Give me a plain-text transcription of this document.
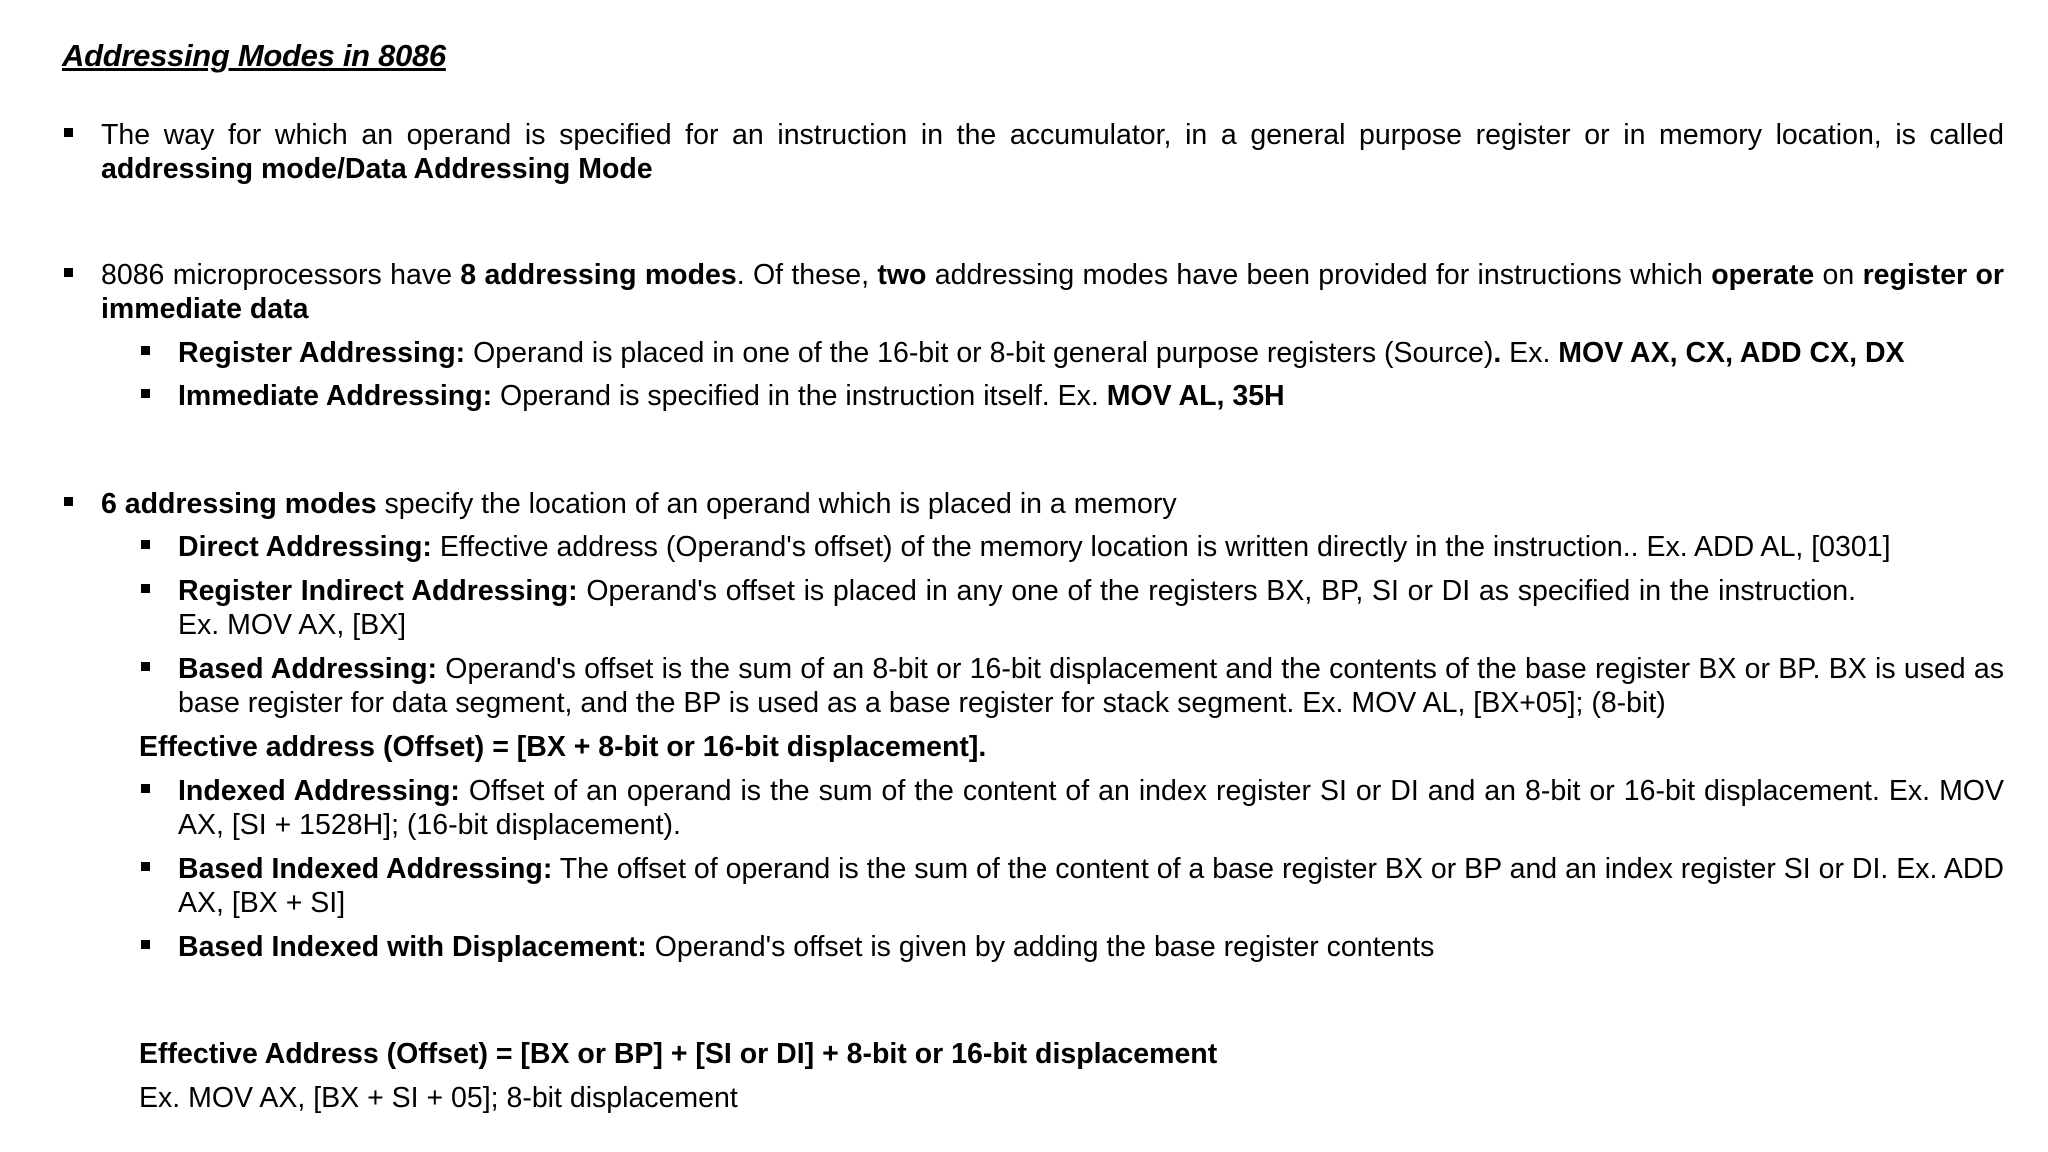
Addressing Modes in 8086
The way for which an operand is specified for an instruction in the accumulator, in a general purpose register or in memory location, is called addressing mode/Data Addressing Mode
8086 microprocessors have 8 addressing modes. Of these, two addressing modes have been provided for instructions which operate on register or immediate data
Register Addressing: Operand is placed in one of the 16-bit or 8-bit general purpose registers (Source). Ex. MOV AX, CX, ADD CX, DX
Immediate Addressing: Operand is specified in the instruction itself. Ex. MOV AL, 35H
6 addressing modes specify the location of an operand which is placed in a memory
Direct Addressing: Effective address (Operand's offset) of the memory location is written directly in the instruction.. Ex. ADD AL, [0301]
Register Indirect Addressing: Operand's offset is placed in any one of the registers BX, BP, SI or DI as specified in the instruction.Ex. MOV AX, [BX]
Based Addressing: Operand's offset is the sum of an 8-bit or 16-bit displacement and the contents of the base register BX or BP. BX is used as base register for data segment, and the BP is used as a base register for stack segment. Ex. MOV AL, [BX+05]; (8-bit)
Effective address (Offset) = [BX + 8-bit or 16-bit displacement].
Indexed Addressing: Offset of an operand is the sum of the content of an index register SI or DI and an 8-bit or 16-bit displacement. Ex. MOV AX, [SI + 1528H]; (16-bit displacement).
Based Indexed Addressing: The offset of operand is the sum of the content of a base register BX or BP and an index register SI or DI. Ex. ADD AX, [BX + SI]
Based Indexed with Displacement: Operand's offset is given by adding the base register contents
Effective Address (Offset) = [BX or BP] + [SI or DI] + 8-bit or 16-bit displacement
Ex. MOV AX, [BX + SI + 05]; 8-bit displacement
